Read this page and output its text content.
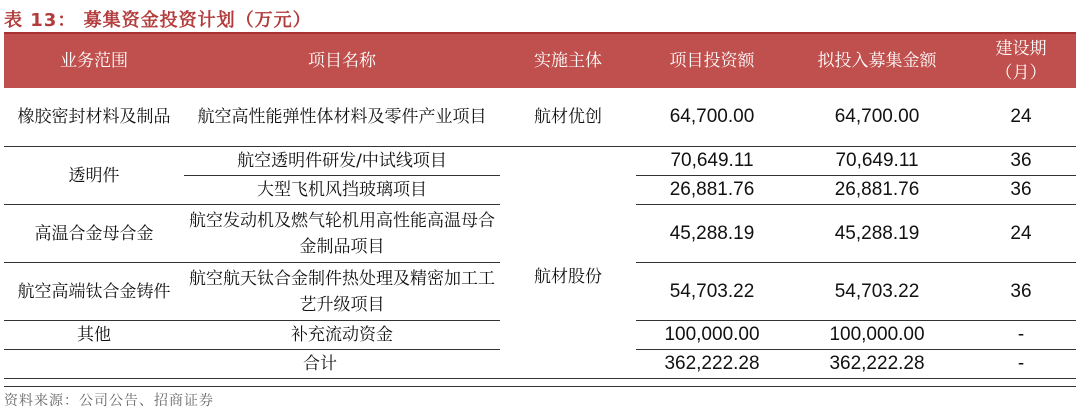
表 13： 募集资金投资计划（万元）
业务范围	项目名称	实施主体	项目投资额	拟投入募集金额	建设期
（月）
橡胶密封材料及制品	航空高性能弹性体材料及零件产业项目	航材优创	64,700.00	64,700.00	24
透明件	航空透明件研发/中试线项目		70,649.11	70,649.11	36
	大型飞机风挡玻璃项目	航材股份	26,881.76	26,881.76	36
高温合金母合金	航空发动机及燃气轮机用高性能高温母合金制品项目		45,288.19	45,288.19	24
航空高端钛合金铸件	航空航天钛合金制件热处理及精密加工工艺升级项目		54,703.22	54,703.22	36
其他	补充流动资金		100,000.00	100,000.00	-
合计			362,222.28	362,222.28	-
资料来源：公司公告、招商证券
